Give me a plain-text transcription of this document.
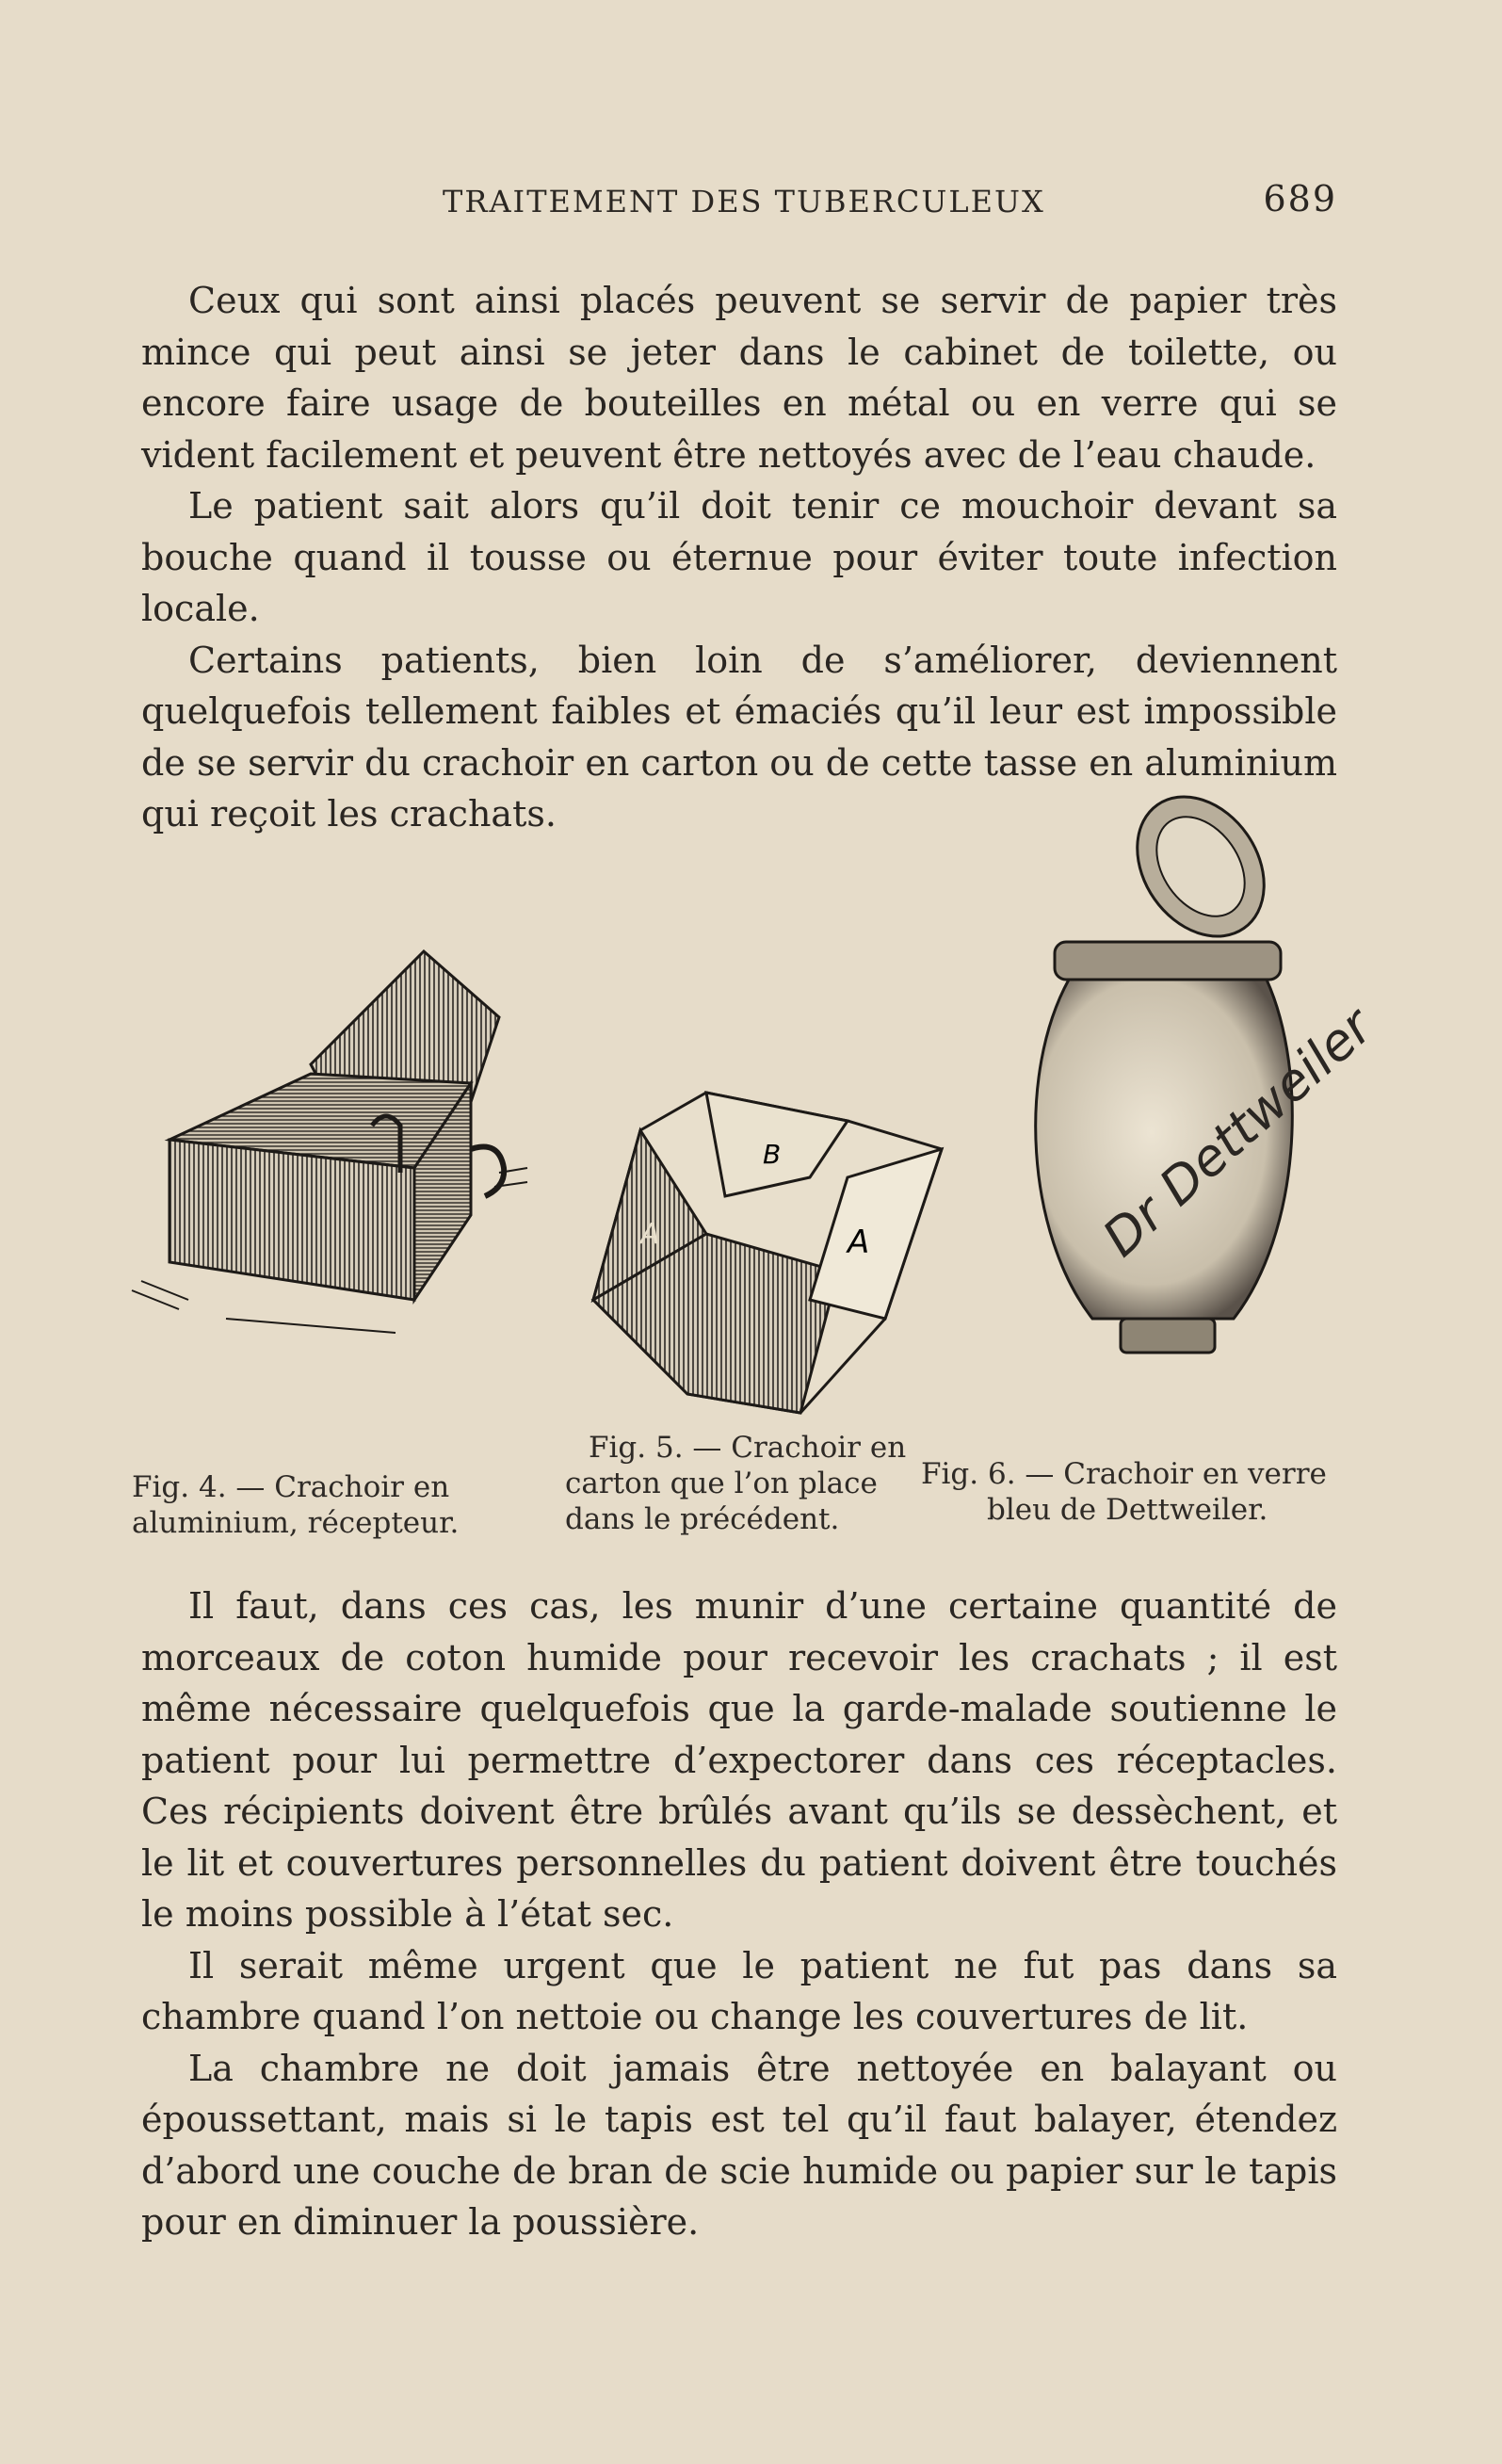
TRAITEMENT DES TUBERCULEUX	689

Ceux qui sont ainsi placés peuvent se servir de papier très mince qui peut ainsi se jeter dans le cabinet de toilette, ou encore faire usage de bouteilles en métal ou en verre qui se vident facilement et peuvent être nettoyés avec de l’eau chaude.

Le patient sait alors qu’il doit tenir ce mouchoir devant sa bouche quand il tousse ou éternue pour éviter toute infection locale.

Certains patients, bien loin de s’améliorer, deviennent quelquefois tellement faibles et émaciés qu’il leur est impossible de se servir du crachoir en carton ou de cette tasse en aluminium qui reçoit les crachats.

Fig. 4. — Crachoir en
aluminium, récepteur.
B
A	A
Fig. 5. — Crachoir en
carton que l’on place
dans le précédent.
Dr Dettweiler
Fig. 6. — Crachoir en verre
bleu de Dettweiler.

Il faut, dans ces cas, les munir d’une certaine quantité de morceaux de coton humide pour recevoir les crachats ; il est même nécessaire quelquefois que la garde-malade soutienne le patient pour lui permettre d’expectorer dans ces réceptacles. Ces récipients doivent être brûlés avant qu’ils se dessèchent, et le lit et couvertures personnelles du patient doivent être touchés le moins possible à l’état sec.

Il serait même urgent que le patient ne fut pas dans sa chambre quand l’on nettoie ou change les couvertures de lit.

La chambre ne doit jamais être nettoyée en balayant ou époussettant, mais si le tapis est tel qu’il faut balayer, étendez d’abord une couche de bran de scie humide ou papier sur le tapis pour en diminuer la poussière.
